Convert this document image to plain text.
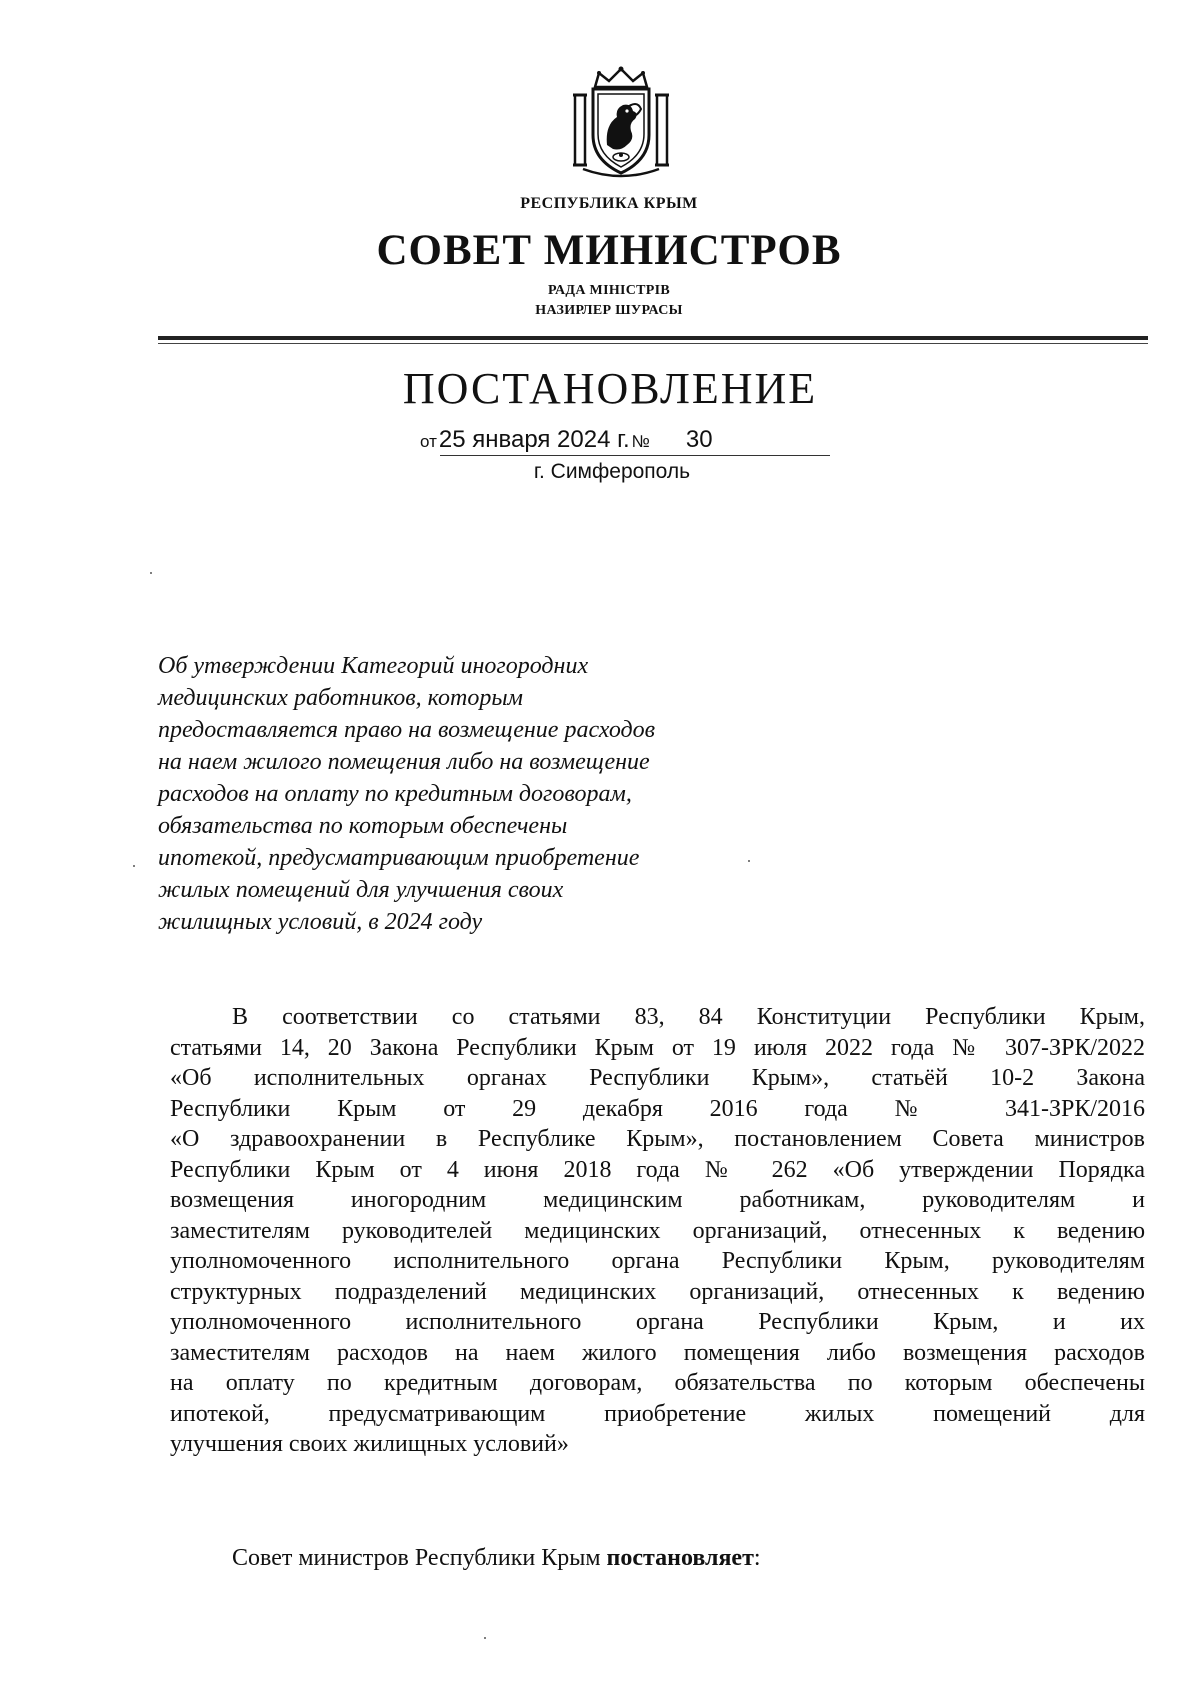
РЕСПУБЛИКА КРЫМ
СОВЕТ МИНИСТРОВ
РАДА МІНІСТРІВ
НАЗИРЛЕР ШУРАСЫ
ПОСТАНОВЛЕНИЕ
от25 января 2024 г. № 30
г. Симферополь
Об утверждении Категорий иногородних
медицинских работников, которым
предоставляется право на возмещение расходов
на наем жилого помещения либо на возмещение
расходов на оплату по кредитным договорам,
обязательства по которым обеспечены
ипотекой, предусматривающим приобретение
жилых помещений для улучшения своих
жилищных условий, в 2024 году
В соответствии со статьями 83, 84 Конституции Республики Крым,
статьями 14, 20 Закона Республики Крым от 19 июля 2022 года № 307-ЗРК/2022
«Об исполнительных органах Республики Крым», статьёй 10-2 Закона
Республики Крым от 29 декабря 2016 года № 341-ЗРК/2016
«О здравоохранении в Республике Крым», постановлением Совета министров
Республики Крым от 4 июня 2018 года № 262 «Об утверждении Порядка
возмещения иногородним медицинским работникам, руководителям и
заместителям руководителей медицинских организаций, отнесенных к ведению
уполномоченного исполнительного органа Республики Крым, руководителям
структурных подразделений медицинских организаций, отнесенных к ведению
уполномоченного исполнительного органа Республики Крым, и их
заместителям расходов на наем жилого помещения либо возмещения расходов
на оплату по кредитным договорам, обязательства по которым обеспечены
ипотекой, предусматривающим приобретение жилых помещений для
улучшения своих жилищных условий»
Совет министров Республики Крым постановляет:
